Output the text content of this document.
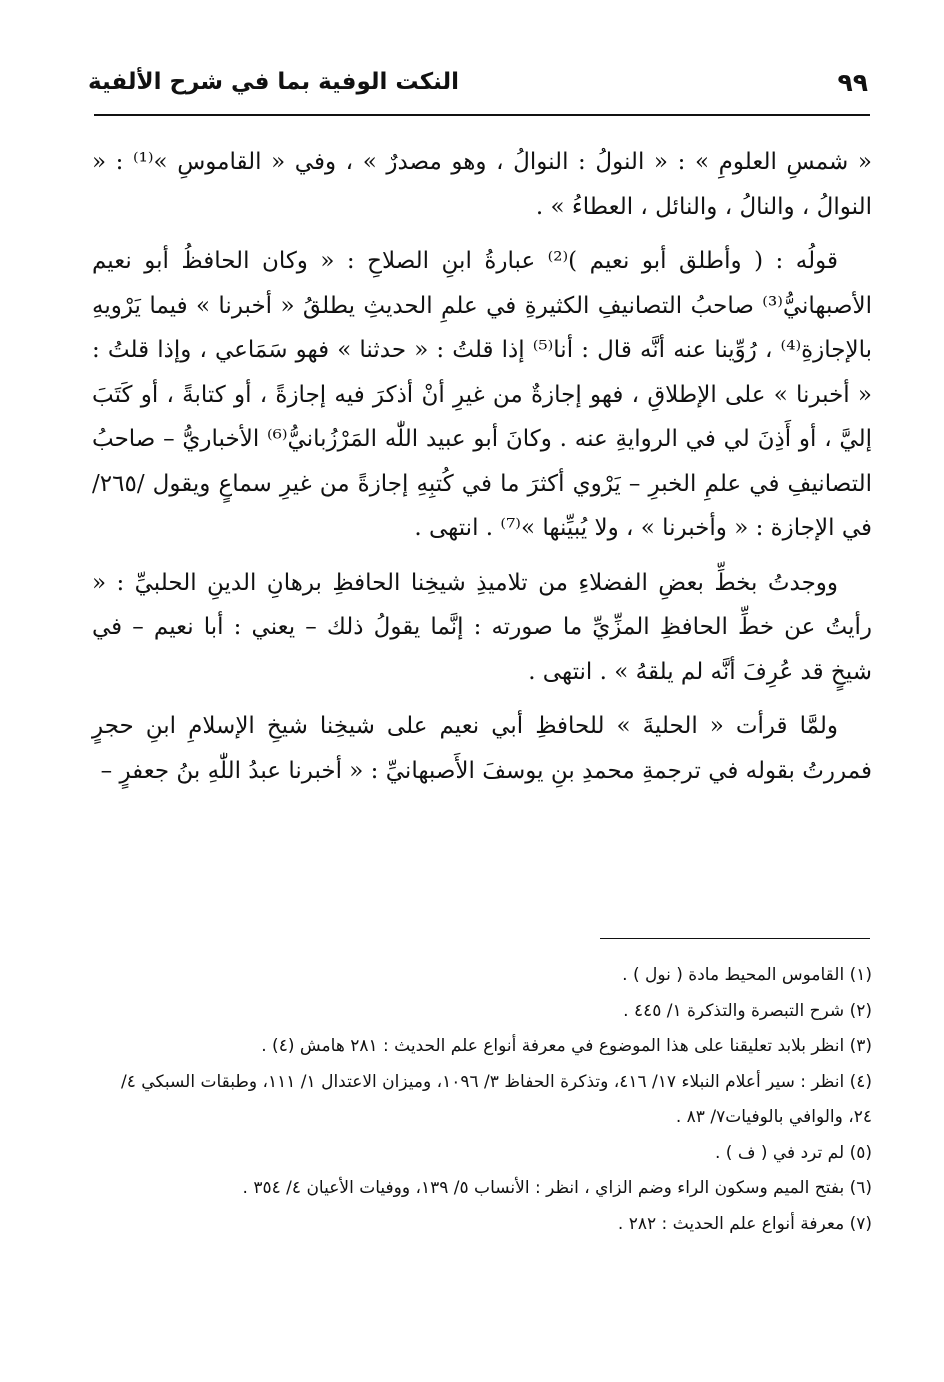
النكت الوفية بما في شرح الألفية	٩٩

« شمسِ العلومِ » : « النولُ : النوالُ ، وهو مصدرٌ » ، وفي « القاموسِ »⁽¹⁾ : « النوالُ ، والنالُ ، والنائل ، العطاءُ » .

قولُه : ( وأطلق أبو نعيم )⁽²⁾ عبارةُ ابنِ الصلاحِ : « وكان الحافظُ أبو نعيم الأصبهانيُّ⁽³⁾ صاحبُ التصانيفِ الكثيرةِ في علمِ الحديثِ يطلقُ « أخبرنا » فيما يَرْويهِ بالإجازةِ⁽⁴⁾ ، رُوِّينا عنه أنَّه قال : أنا⁽⁵⁾ إذا قلتُ : « حدثنا » فهو سَمَاعي ، وإذا قلتُ : « أخبرنا » على الإطلاقِ ، فهو إجازةٌ من غيرِ أنْ أذكرَ فيه إجازةً ، أو كتابةً ، أو كَتَبَ إليَّ ، أو أَذِنَ لي في الروايةِ عنه . وكانَ أبو عبيد اللّٰه المَرْزُبانيُّ⁽⁶⁾ الأخباريُّ – صاحبُ التصانيفِ في علمِ الخبرِ – يَرْوي أكثرَ ما في كُتبِهِ إجازةً من غيرِ سماعٍ ويقول /٢٦٥/ في الإجازة : « وأخبرنا » ، ولا يُبيِّنها »⁽⁷⁾ . انتهى .

ووجدتُ بخطِّ بعضِ الفضلاءِ من تلاميذِ شيخِنا الحافظِ برهانِ الدينِ الحلبيِّ : « رأيتُ عن خطِّ الحافظِ المزِّيِّ ما صورته : إنَّما يقولُ ذلك – يعني : أبا نعيم – في شيخٍ قد عُرِفَ أنَّه لم يلقهُ » . انتهى .

ولمَّا قرأت « الحليةَ » للحافظِ أبي نعيم على شيخِنا شيخِ الإسلامِ ابنِ حجرٍ فمررتُ بقوله في ترجمةِ محمدِ بنِ يوسفَ الأَصبهانيِّ : « أخبرنا عبدُ اللّٰهِ بنُ جعفرٍ –

(١) القاموس المحيط مادة ( نول ) .

(٢) شرح التبصرة والتذكرة ١/ ٤٤٥ .

(٣) انظر بلابد تعليقنا على هذا الموضوع في معرفة أنواع علم الحديث : ٢٨١ هامش (٤) .

(٤) انظر : سير أعلام النبلاء ١٧/ ٤١٦، وتذكرة الحفاظ ٣/ ١٠٩٦، وميزان الاعتدال ١/ ١١١، وطبقات السبكي ٤/ ٢٤، والوافي بالوفيات٧/ ٨٣ .

(٥) لم ترد في ( ف ) .

(٦) بفتح الميم وسكون الراء وضم الزاي ، انظر : الأنساب ٥/ ١٣٩، ووفيات الأعيان ٤/ ٣٥٤ .

(٧) معرفة أنواع علم الحديث : ٢٨٢ .
